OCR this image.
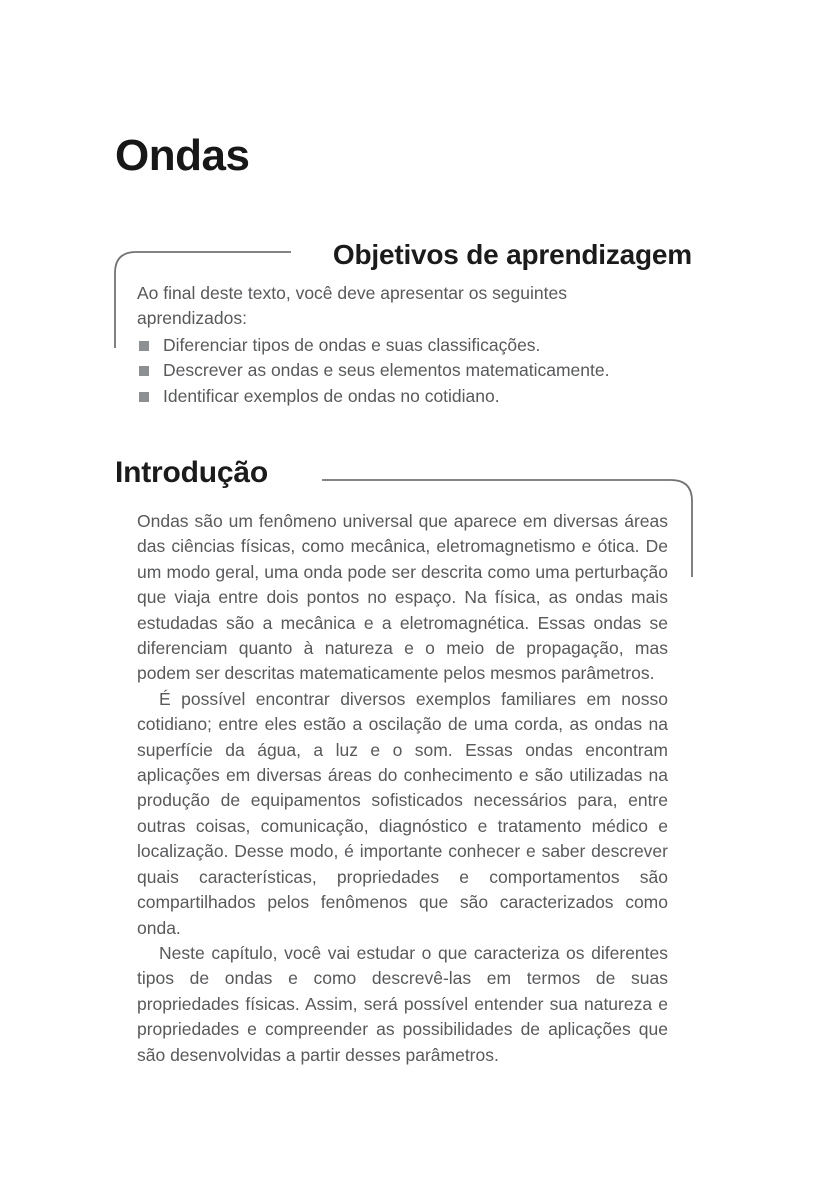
Ondas
Objetivos de aprendizagem

Ao final deste texto, você deve apresentar os seguintes aprendizados:

Diferenciar tipos de ondas e suas classificações.
Descrever as ondas e seus elementos matematicamente.
Identificar exemplos de ondas no cotidiano.
Introdução

Ondas são um fenômeno universal que aparece em diversas áreas das ciências físicas, como mecânica, eletromagnetismo e ótica. De um modo geral, uma onda pode ser descrita como uma perturbação que viaja entre dois pontos no espaço. Na física, as ondas mais estudadas são a mecânica e a eletromagnética. Essas ondas se diferenciam quanto à natureza e o meio de propagação, mas podem ser descritas matematicamente pelos mesmos parâmetros.

É possível encontrar diversos exemplos familiares em nosso cotidiano; entre eles estão a oscilação de uma corda, as ondas na superfície da água, a luz e o som. Essas ondas encontram aplicações em diversas áreas do conhecimento e são utilizadas na produção de equipamentos sofisticados necessários para, entre outras coisas, comunicação, diagnóstico e tratamento médico e localização. Desse modo, é importante conhecer e saber descrever quais características, propriedades e comportamentos são compartilhados pelos fenômenos que são caracterizados como onda.

Neste capítulo, você vai estudar o que caracteriza os diferentes tipos de ondas e como descrevê-las em termos de suas propriedades físicas. Assim, será possível entender sua natureza e propriedades e compreender as possibilidades de aplicações que são desenvolvidas a partir desses parâmetros.
